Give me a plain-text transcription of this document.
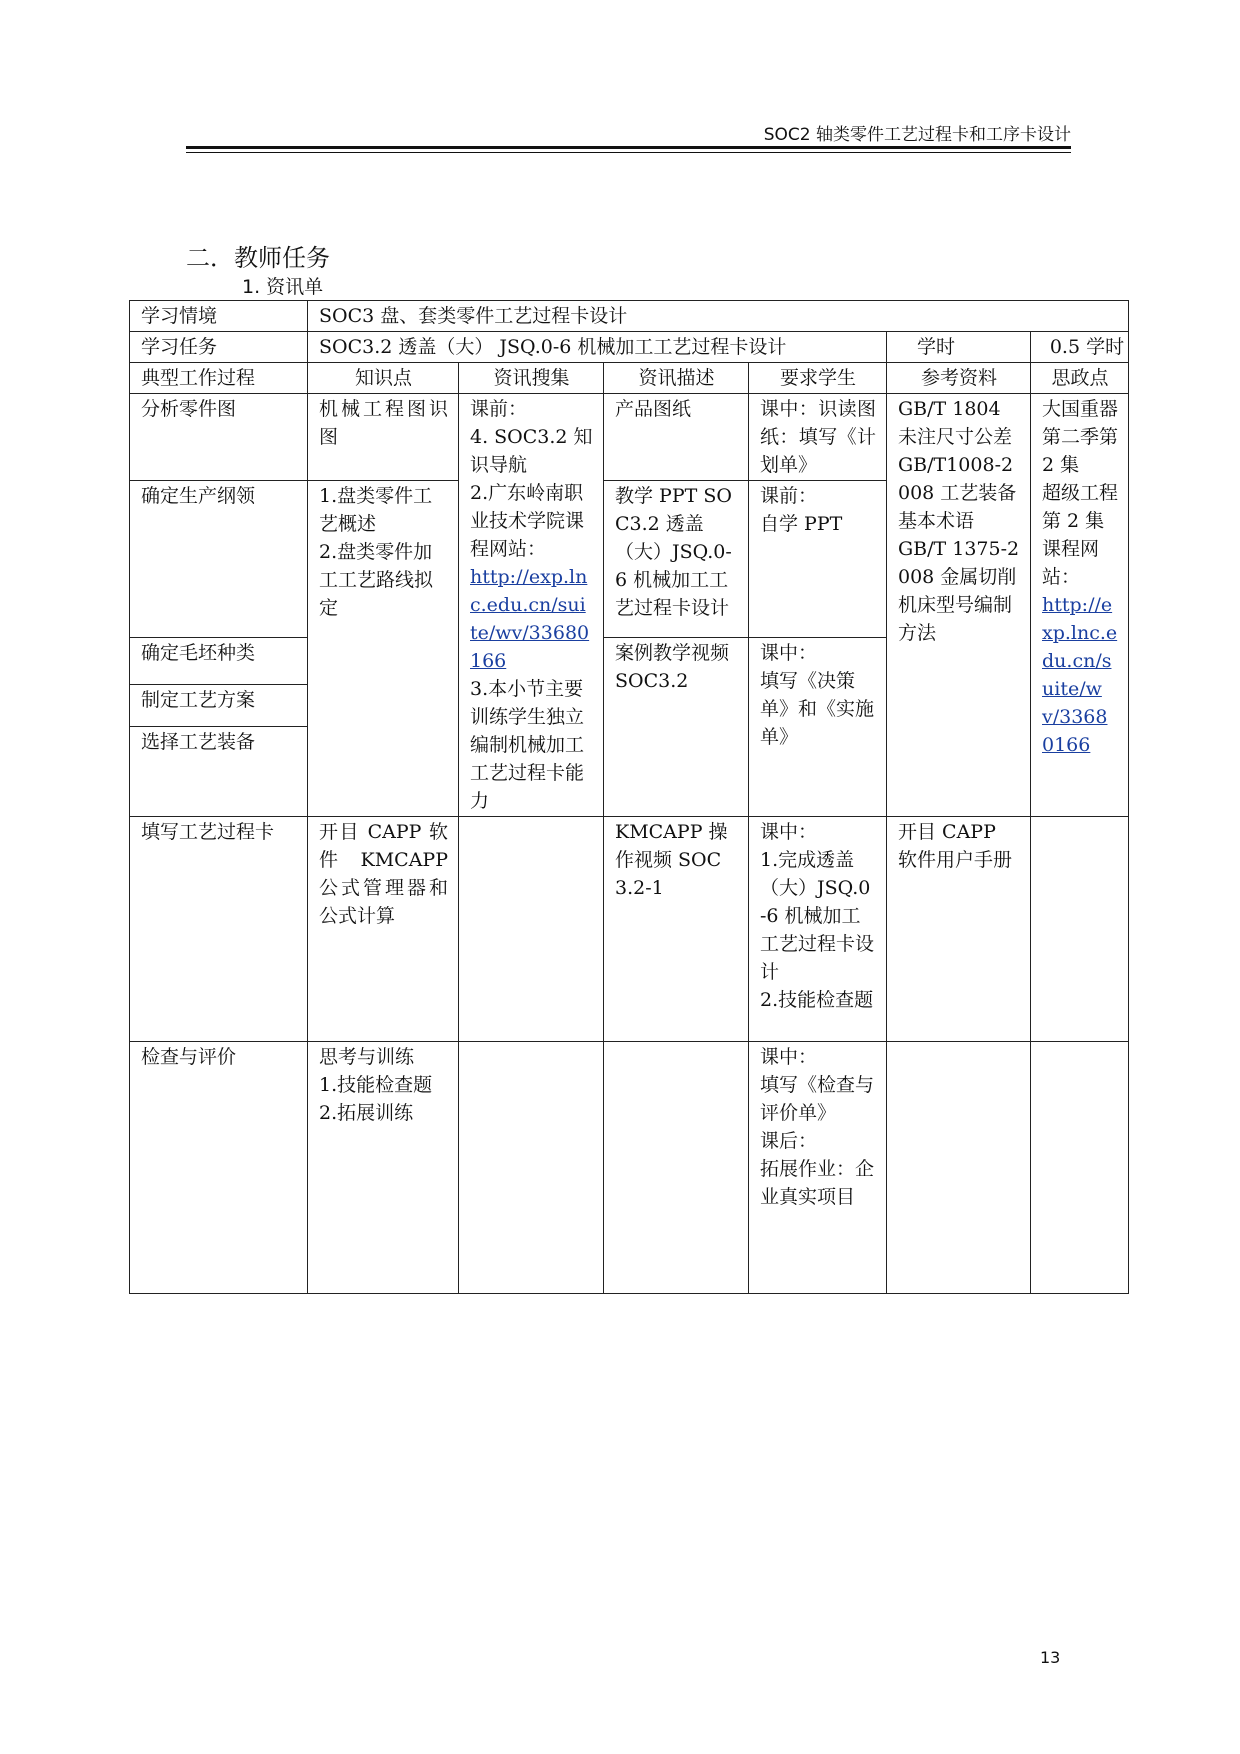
SOC2 轴类零件工艺过程卡和工序卡设计
二．教师任务
1. 资讯单
学习情境	SOC3 盘、套类零件工艺过程卡设计					
学习任务	SOC3.2 透盖（大） JSQ.0-6 机械加工工艺过程卡设计				学时	0.5 学时
典型工作过程	知识点	资讯搜集	资讯描述	要求学生	参考资料	思政点
分析零件图	机械工程图识图	课前：
4. SOC3.2 知识导航
2.广东岭南职业技术学院课程网站：
http://exp.lnc.edu.cn/suite/wv/33680166
3.本小节主要训练学生独立编制机械加工工艺过程卡能力	产品图纸	课中：识读图纸：填写《计划单》	GB/T 1804 未注尺寸公差
GB/T1008-2008 工艺装备基本术语
GB/T 1375-2008 金属切削机床型号编制方法	大国重器第二季第 2 集
超级工程第 2 集
课程网站：
http://exp.lnc.edu.cn/suite/wv/33680166

确定生产纲领	1.盘类零件工艺概述
2.盘类零件加工工艺路线拟定		教学 PPT SOC3.2 透盖（大）JSQ.0-6 机械加工工艺过程卡设计	课前：
自学 PPT		
确定毛坯种类			案例教学视频 SOC3.2	课中：
填写《决策单》和《实施单》		
制定工艺方案						
选择工艺装备						
填写工艺过程卡	开目 CAPP 软件 KMCAPP 公式管理器和公式计算		KMCAPP 操作视频 SOC3.2-1	课中：
1.完成透盖（大）JSQ.0-6 机械加工工艺过程卡设计
2.技能检查题	开目 CAPP 软件用户手册	
检查与评价	思考与训练
1.技能检查题
2.拓展训练			课中：
填写《检查与评价单》
课后：
拓展作业：企业真实项目		
13
